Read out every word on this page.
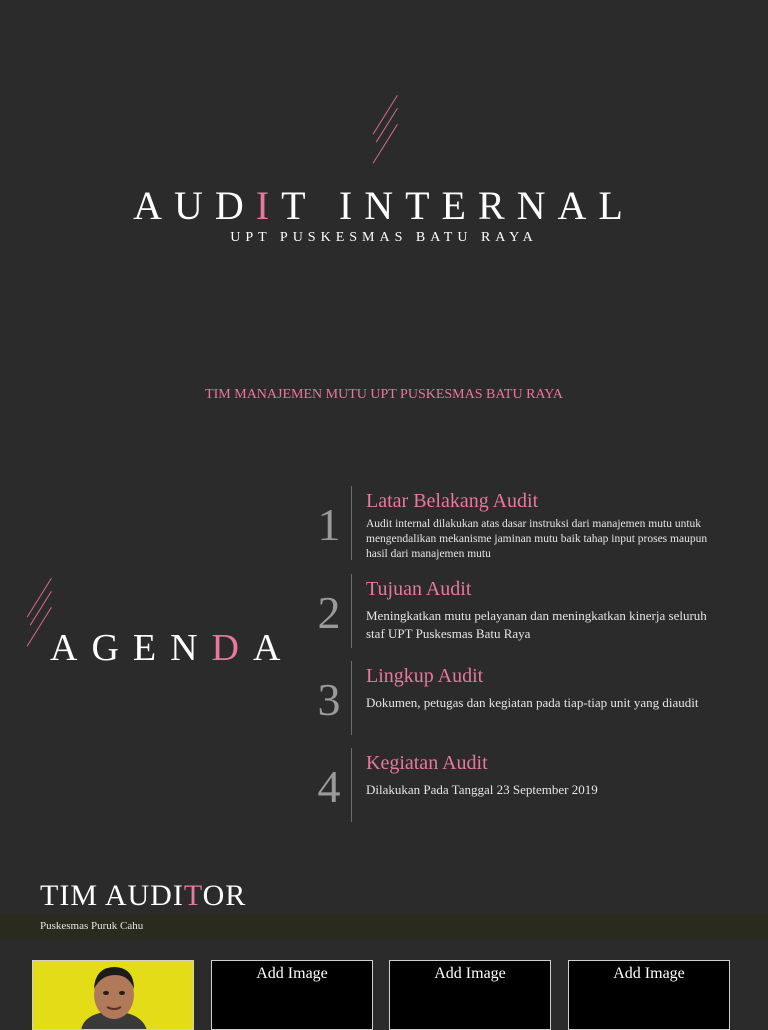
AUDIT INTERNAL
UPT PUSKESMAS BATU RAYA
TIM MANAJEMEN MUTU UPT PUSKESMAS BATU RAYA
AGENDA
1 Latar Belakang Audit
Audit internal dilakukan atas dasar instruksi dari manajemen mutu untuk mengendalikan mekanisme jaminan mutu baik tahap input proses maupun hasil dari manajemen mutu
2 Tujuan Audit
Meningkatkan mutu pelayanan dan meningkatkan kinerja seluruh staf UPT Puskesmas Batu Raya
3 Lingkup Audit
Dokumen, petugas dan kegiatan pada tiap-tiap unit yang diaudit
4 Kegiatan Audit
Dilakukan Pada Tanggal 23 September 2019
TIM AUDITOR
Puskesmas Puruk Cahu
Add Image	Add Image	Add Image
